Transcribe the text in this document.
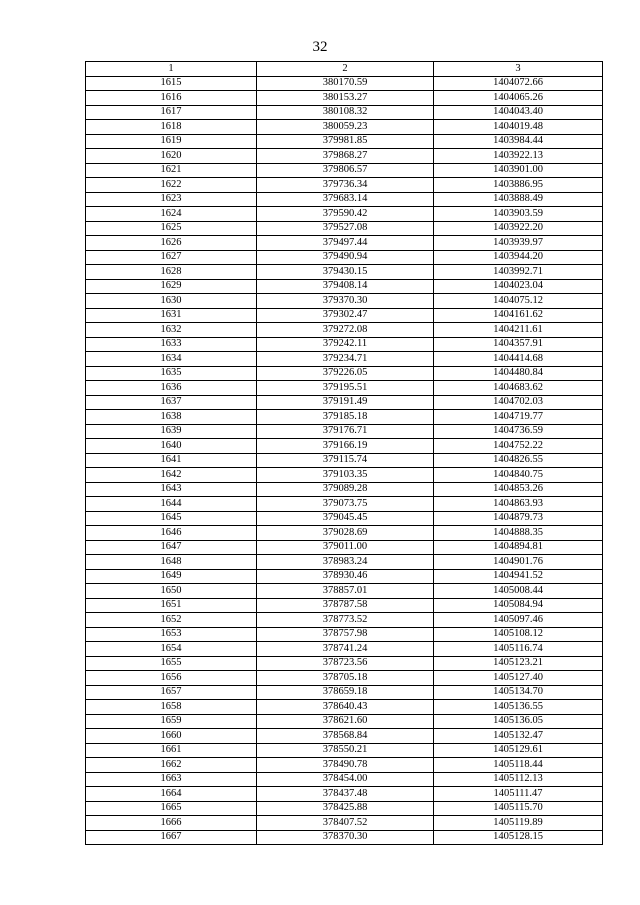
32
1	2	3
1615	380170.59	1404072.66
1616	380153.27	1404065.26
1617	380108.32	1404043.40
1618	380059.23	1404019.48
1619	379981.85	1403984.44
1620	379868.27	1403922.13
1621	379806.57	1403901.00
1622	379736.34	1403886.95
1623	379683.14	1403888.49
1624	379590.42	1403903.59
1625	379527.08	1403922.20
1626	379497.44	1403939.97
1627	379490.94	1403944.20
1628	379430.15	1403992.71
1629	379408.14	1404023.04
1630	379370.30	1404075.12
1631	379302.47	1404161.62
1632	379272.08	1404211.61
1633	379242.11	1404357.91
1634	379234.71	1404414.68
1635	379226.05	1404480.84
1636	379195.51	1404683.62
1637	379191.49	1404702.03
1638	379185.18	1404719.77
1639	379176.71	1404736.59
1640	379166.19	1404752.22
1641	379115.74	1404826.55
1642	379103.35	1404840.75
1643	379089.28	1404853.26
1644	379073.75	1404863.93
1645	379045.45	1404879.73
1646	379028.69	1404888.35
1647	379011.00	1404894.81
1648	378983.24	1404901.76
1649	378930.46	1404941.52
1650	378857.01	1405008.44
1651	378787.58	1405084.94
1652	378773.52	1405097.46
1653	378757.98	1405108.12
1654	378741.24	1405116.74
1655	378723.56	1405123.21
1656	378705.18	1405127.40
1657	378659.18	1405134.70
1658	378640.43	1405136.55
1659	378621.60	1405136.05
1660	378568.84	1405132.47
1661	378550.21	1405129.61
1662	378490.78	1405118.44
1663	378454.00	1405112.13
1664	378437.48	1405111.47
1665	378425.88	1405115.70
1666	378407.52	1405119.89
1667	378370.30	1405128.15
